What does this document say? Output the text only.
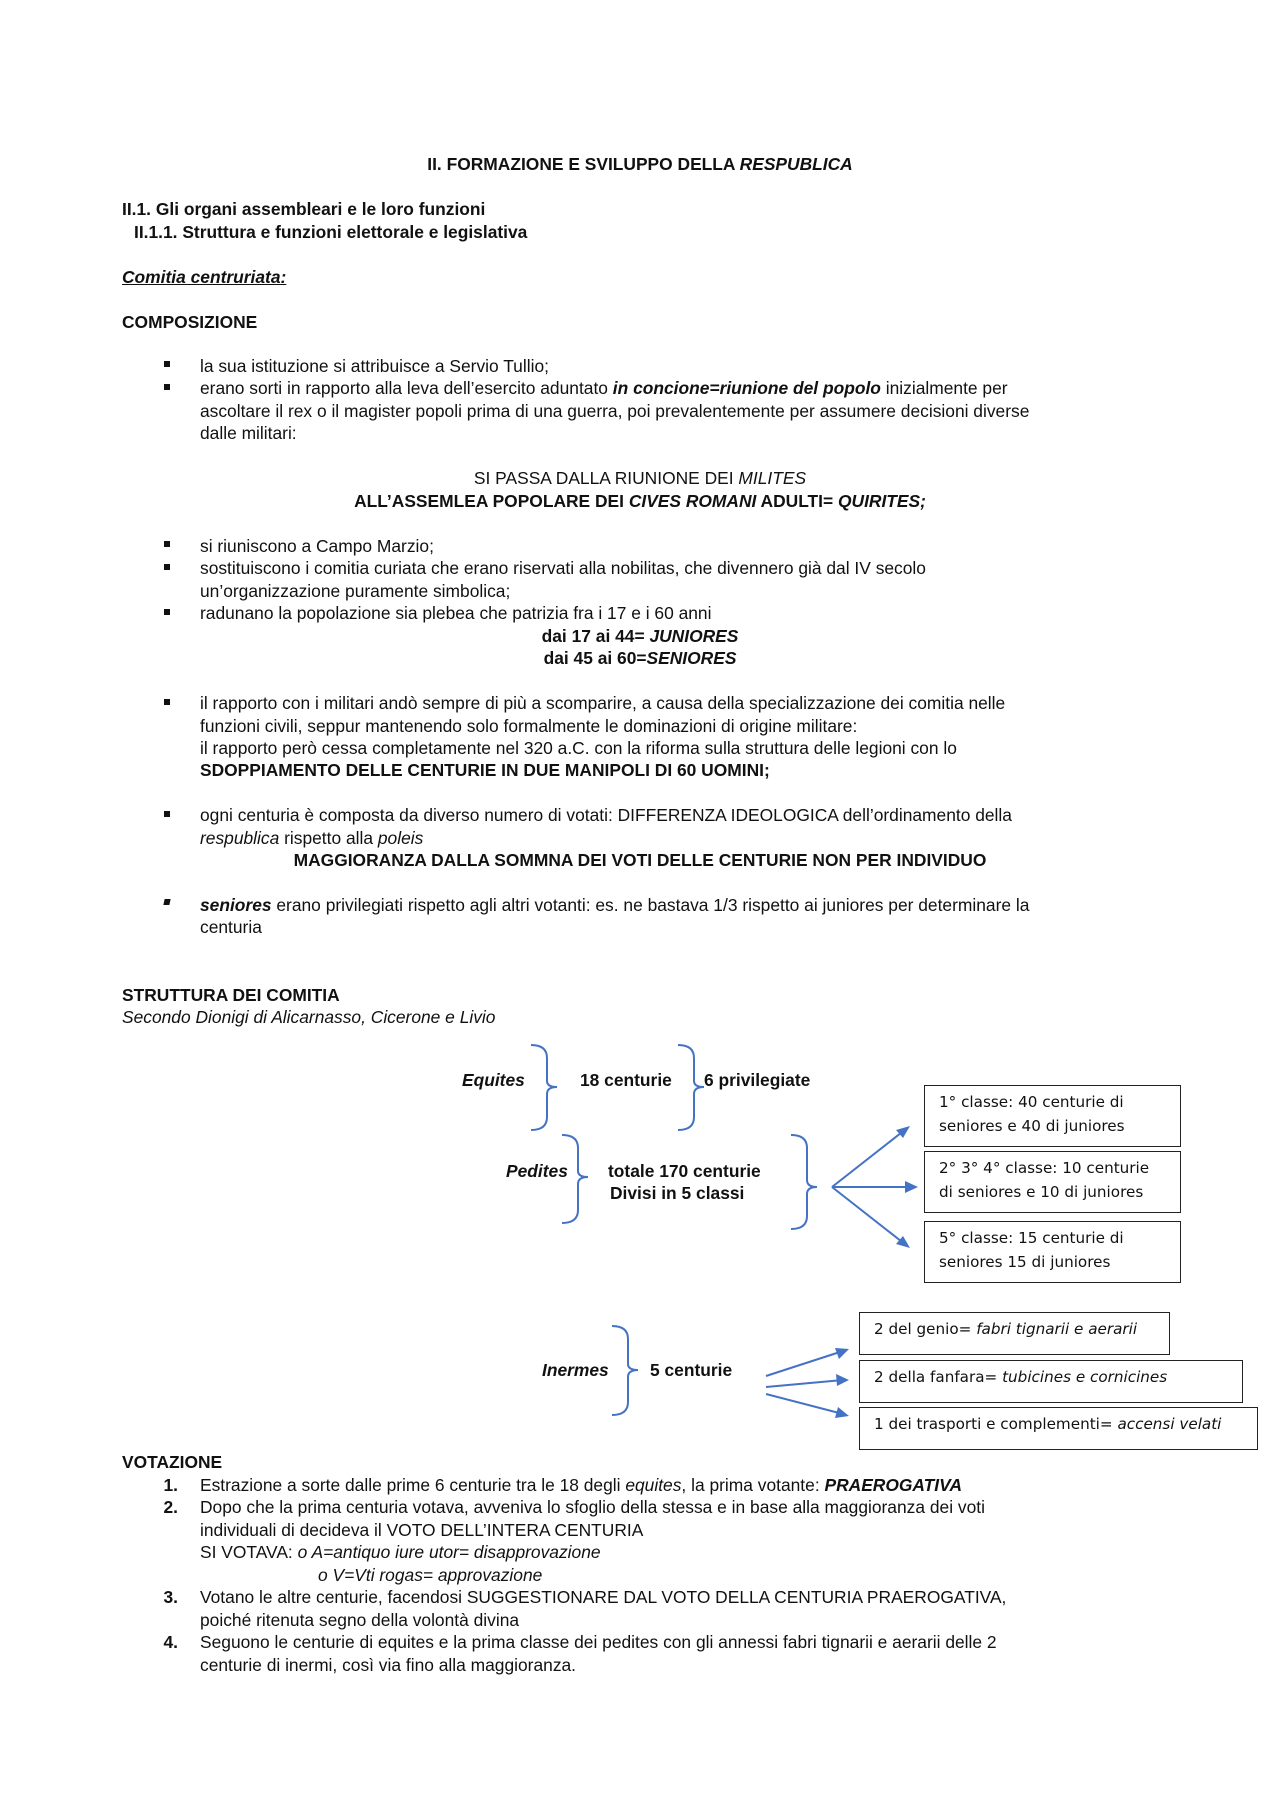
II. FORMAZIONE E SVILUPPO DELLA RESPUBLICA
II.1. Gli organi assembleari e le loro funzioni
II.1.1. Struttura e funzioni elettorale e legislativa
Comitia centruriata:
COMPOSIZIONE
la sua istituzione si attribuisce a Servio Tullio;
erano sorti in rapporto alla leva dell’esercito aduntato in concione=riunione del popolo inizialmente per
ascoltare il rex o il magister popoli prima di una guerra, poi prevalentemente per assumere decisioni diverse
dalle militari:
SI PASSA DALLA RIUNIONE DEI MILITES
ALL’ASSEMLEA POPOLARE DEI CIVES ROMANI ADULTI= QUIRITES;
si riuniscono a Campo Marzio;
sostituiscono i comitia curiata che erano riservati alla nobilitas, che divennero già dal IV secolo
un’organizzazione puramente simbolica;
radunano la popolazione sia plebea che patrizia fra i 17 e i 60 anni
dai 17 ai 44= JUNIORES
dai 45 ai 60=SENIORES
il rapporto con i militari andò sempre di più a scomparire, a causa della specializzazione dei comitia nelle
funzioni civili, seppur mantenendo solo formalmente le dominazioni di origine militare:
il rapporto però cessa completamente nel 320 a.C. con la riforma sulla struttura delle legioni con lo
SDOPPIAMENTO DELLE CENTURIE IN DUE MANIPOLI DI 60 UOMINI;
ogni centuria è composta da diverso numero di votati: DIFFERENZA IDEOLOGICA dell’ordinamento della
respublica rispetto alla poleis
MAGGIORANZA DALLA SOMMNA DEI VOTI DELLE CENTURIE NON PER INDIVIDUO
seniores erano privilegiati rispetto agli altri votanti: es. ne bastava 1/3 rispetto ai juniores per determinare la
centuria
STRUTTURA DEI COMITIA
Secondo Dionigi di Alicarnasso, Cicerone e Livio
Equites	18 centurie 6 privilegiate
Pedites totale 170 centurie
Divisi in 5 classi
1° classe: 40 centurie di
seniores e 40 di juniores
2° 3° 4° classe: 10 centurie
di seniores e 10 di juniores
5° classe: 15 centurie di
seniores 15 di juniores
Inermes 5 centurie
2 del genio= fabri tignarii e aerarii
2 della fanfara= tubicines e cornicines
1 dei trasporti e complementi= accensi velati
VOTAZIONE
1. Estrazione a sorte dalle prime 6 centurie tra le 18 degli equites, la prima votante: PRAEROGATIVA
2. Dopo che la prima centuria votava, avveniva lo sfoglio della stessa e in base alla maggioranza dei voti
individuali di decideva il VOTO DELL’INTERA CENTURIA
SI VOTAVA: o A=antiquo iure utor= disapprovazione
o V=Vti rogas= approvazione
3. Votano le altre centurie, facendosi SUGGESTIONARE DAL VOTO DELLA CENTURIA PRAEROGATIVA,
poiché ritenuta segno della volontà divina
4. Seguono le centurie di equites e la prima classe dei pedites con gli annessi fabri tignarii e aerarii delle 2
centurie di inermi, così via fino alla maggioranza.
